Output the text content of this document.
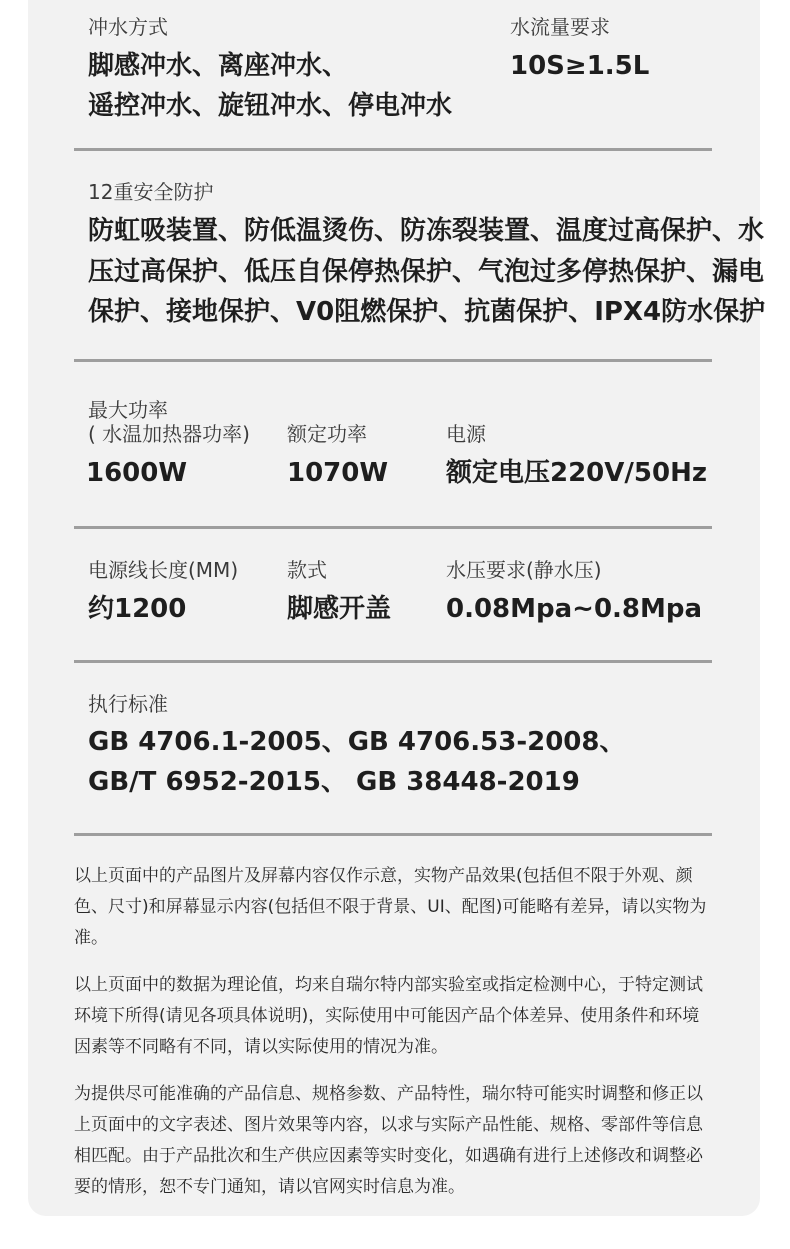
冲水方式
脚感冲水、离座冲水、
遥控冲水、旋钮冲水、停电冲水
水流量要求
10S≥1.5L
12重安全防护
防虹吸装置、防低温烫伤、防冻裂装置、温度过高保护、水
压过高保护、低压自保停热保护、气泡过多停热保护、漏电
保护、接地保护、V0阻燃保护、抗菌保护、IPX4防水保护
最大功率
( 水温加热器功率)
1600W
额定功率
1070W
电源
额定电压220V/50Hz
电源线长度(MM)
约1200
款式
脚感开盖
水压要求(静水压)
0.08Mpa~0.8Mpa
执行标准
GB 4706.1-2005、GB 4706.53-2008、
GB/T 6952-2015、 GB 38448-2019
以上页面中的产品图片及屏幕内容仅作示意，实物产品效果(包括但不限于外观、颜色、尺寸)和屏幕显示内容(包括但不限于背景、UI、配图)可能略有差异，请以实物为准。
以上页面中的数据为理论值，均来自瑞尔特内部实验室或指定检测中心，于特定测试环境下所得(请见各项具体说明)，实际使用中可能因产品个体差异、使用条件和环境因素等不同略有不同，请以实际使用的情况为准。
为提供尽可能准确的产品信息、规格参数、产品特性，瑞尔特可能实时调整和修正以上页面中的文字表述、图片效果等内容，以求与实际产品性能、规格、零部件等信息相匹配。由于产品批次和生产供应因素等实时变化，如遇确有进行上述修改和调整必要的情形，恕不专门通知，请以官网实时信息为准。
